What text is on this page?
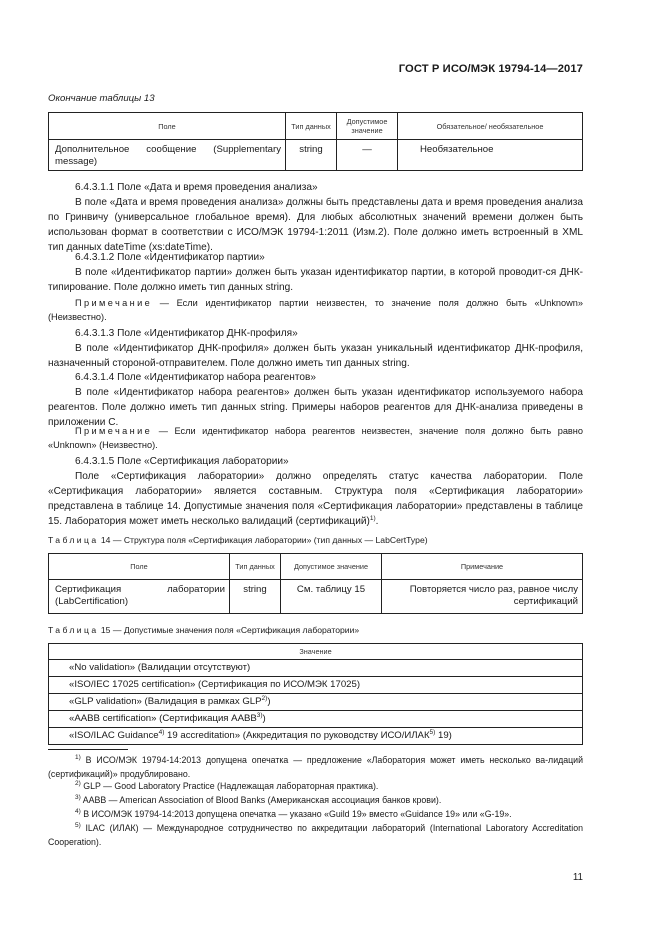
ГОСТ Р ИСО/МЭК 19794-14—2017
Окончание таблицы 13
Поле	Тип данных	Допустимое значение	Обязательное/ необязательное
Дополнительное сообщение (Supplementary message)	string	—	Необязательное
6.4.3.1.1 Поле «Дата и время проведения анализа»
В поле «Дата и время проведения анализа» должны быть представлены дата и время проведения анализа по Гринвичу (универсальное глобальное время). Для любых абсолютных значений времени должен быть использован формат в соответствии с ИСО/МЭК 19794-1:2011 (Изм.2). Поле должно иметь встроенный в XML тип данных dateTime (xs:dateTime).
6.4.3.1.2 Поле «Идентификатор партии»
В поле «Идентификатор партии» должен быть указан идентификатор партии, в которой проводит-ся ДНК-типирование. Поле должно иметь тип данных string.
Примечание — Если идентификатор партии неизвестен, то значение поля должно быть «Unknown» (Неизвестно).
6.4.3.1.3 Поле «Идентификатор ДНК-профиля»
В поле «Идентификатор ДНК-профиля» должен быть указан уникальный идентификатор ДНК-профиля, назначенный стороной-отправителем. Поле должно иметь тип данных string.
6.4.3.1.4 Поле «Идентификатор набора реагентов»
В поле «Идентификатор набора реагентов» должен быть указан идентификатор используемого набора реагентов. Поле должно иметь тип данных string. Примеры наборов реагентов для ДНК-анализа приведены в приложении С.
Примечание — Если идентификатор набора реагентов неизвестен, значение поля должно быть равно «Unknown» (Неизвестно).
6.4.3.1.5 Поле «Сертификация лаборатории»
Поле «Сертификация лаборатории» должно определять статус качества лаборатории. Поле «Сертификация лаборатории» является составным. Структура поля «Сертификация лаборатории» представлена в таблице 14. Допустимые значения поля «Сертификация лаборатории» представлены в таблице 15. Лаборатория может иметь несколько валидаций (сертификаций)$^{1)}$.
Таблица 14 — Структура поля «Сертификация лаборатории» (тип данных — LabCertType)
Поле	Тип данных	Допустимое значение	Примечание
Сертификация лаборатории (LabCertification)	string	См. таблицу 15	Повторяется число раз, равное числу сертификаций
Таблица 15 — Допустимые значения поля «Сертификация лаборатории»
Значение
«No validation» (Валидации отсутствуют)
«ISO/IEC 17025 certification» (Сертификация по ИСО/МЭК 17025)
«GLP validation» (Валидация в рамках GLP$^{2)}$)
«AABB certification» (Сертификация AABB$^{3)}$)
«ISO/ILAC Guidance$^{4)}$ 19 accreditation» (Аккредитация по руководству ИСО/ИЛАК$^{5)}$ 19)
$^{1)}$ В ИСО/МЭК 19794-14:2013 допущена опечатка — предложение «Лаборатория может иметь несколько ва-лидаций (сертификаций)» продублировано.
$^{2)}$ GLP — Good Laboratory Practice (Надлежащая лабораторная практика).
$^{3)}$ AABB — American Association of Blood Banks (Американская ассоциация банков крови).
$^{4)}$ В ИСО/МЭК 19794-14:2013 допущена опечатка — указано «Guild 19» вместо «Guidance 19» или «G-19».
$^{5)}$ ILAC (ИЛАК) — Международное сотрудничество по аккредитации лабораторий (International Laboratory Accreditation Cooperation).
11
